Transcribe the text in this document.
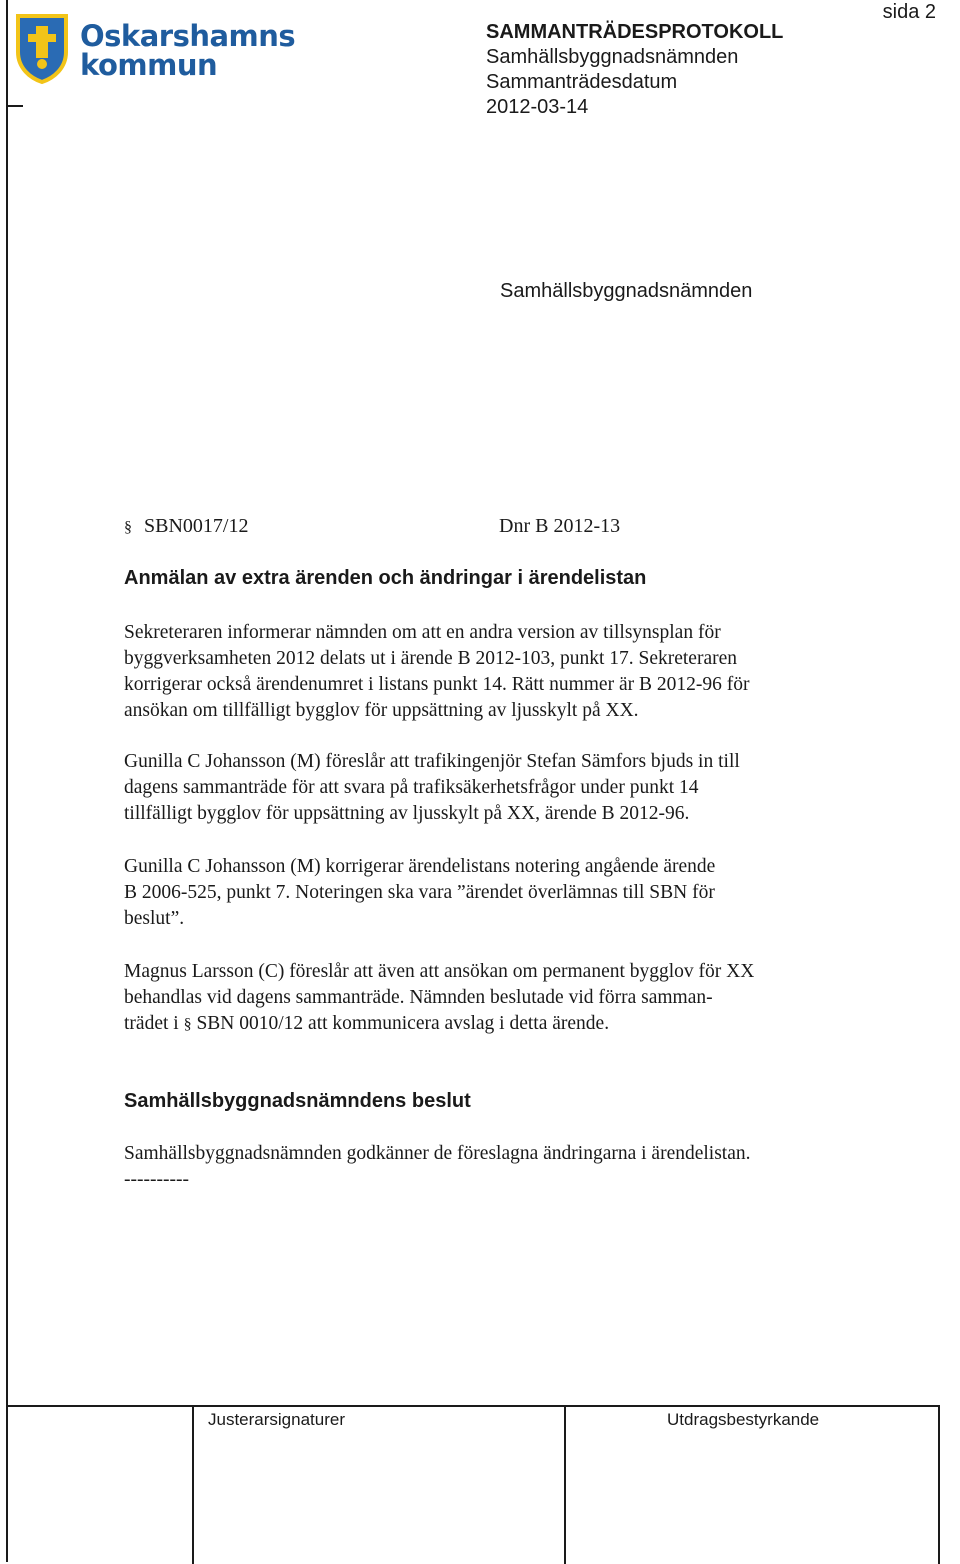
Oskarshamns
kommun
SAMMANTRÄDESPROTOKOLL
Samhällsbyggnadsnämnden
Sammanträdesdatum
2012-03-14
sida 2
Samhällsbyggnadsnämnden
§ SBN0017/12	Dnr B 2012-13
Anmälan av extra ärenden och ändringar i ärendelistan
Sekreteraren informerar nämnden om att en andra version av tillsynsplan för
byggverksamheten 2012 delats ut i ärende B 2012-103, punkt 17. Sekreteraren
korrigerar också ärendenumret i listans punkt 14. Rätt nummer är B 2012-96 för
ansökan om tillfälligt bygglov för uppsättning av ljusskylt på XX.
Gunilla C Johansson (M) föreslår att trafikingenjör Stefan Sämfors bjuds in till
dagens sammanträde för att svara på trafiksäkerhetsfrågor under punkt 14
tillfälligt bygglov för uppsättning av ljusskylt på XX, ärende B 2012-96.
Gunilla C Johansson (M) korrigerar ärendelistans notering angående ärende
B 2006-525, punkt 7. Noteringen ska vara ”ärendet överlämnas till SBN för
beslut”.
Magnus Larsson (C) föreslår att även att ansökan om permanent bygglov för XX
behandlas vid dagens sammanträde. Nämnden beslutade vid förra samman-
trädet i § SBN 0010/12 att kommunicera avslag i detta ärende.
Samhällsbyggnadsnämndens beslut
Samhällsbyggnadsnämnden godkänner de föreslagna ändringarna i ärendelistan.
----------
Justerarsignaturer	Utdragsbestyrkande
